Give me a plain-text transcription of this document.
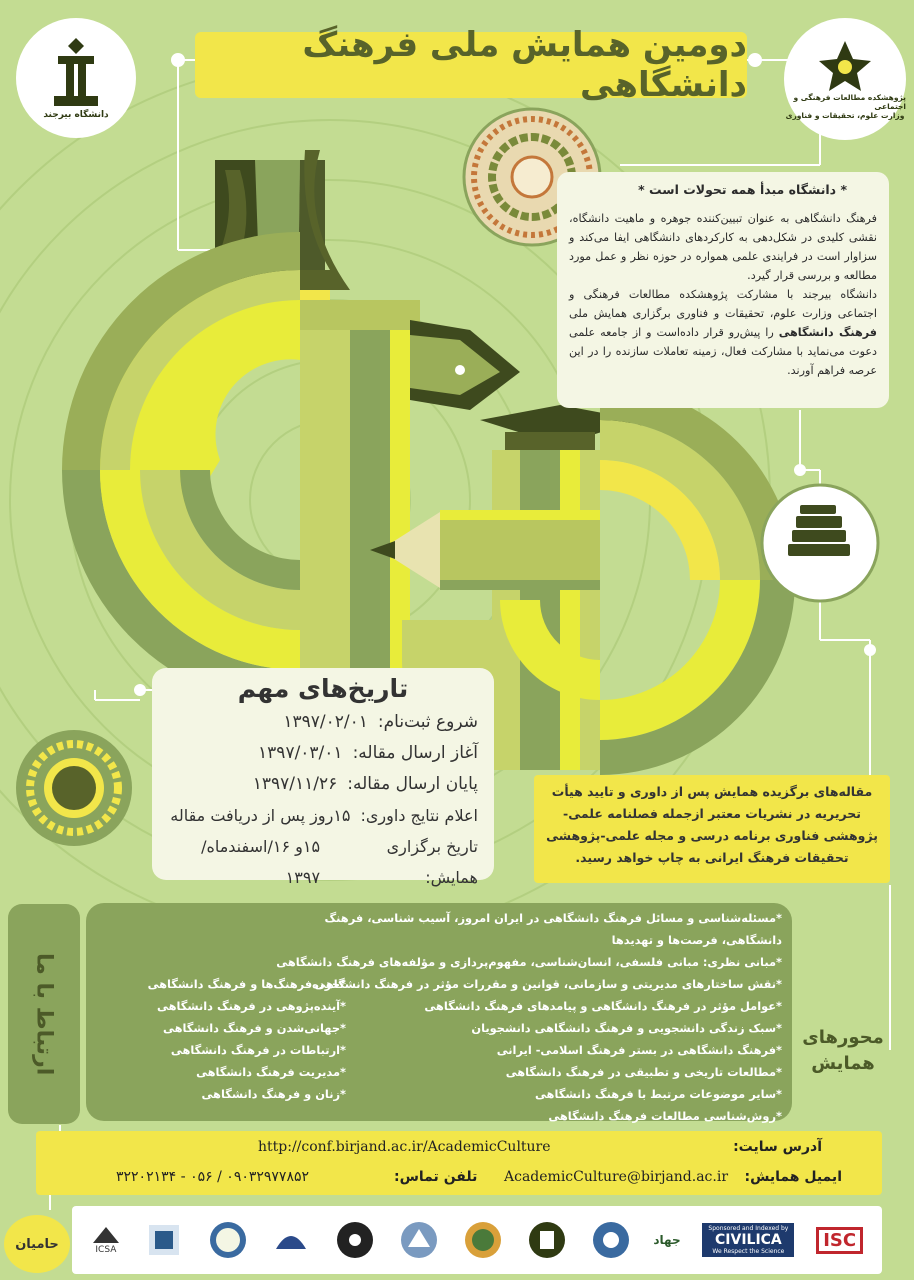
دومین همایش ملی فرهنگ دانشگاهی
دانشگاه بیرجند
پژوهشکده مطالعات فرهنگی و اجتماعی
وزارت علوم، تحقیقات و فناوری
* دانشگاه مبدأ همه تحولات است *
فرهنگ دانشگاهی به عنوان تبیین‌کننده جوهره و ماهیت دانشگاه، نقشی کلیدی در شکل‌دهی به کارکردهای دانشگاهی ایفا می‌کند و سزاوار است در فرایندی علمی همواره در حوزه نظر و عمل مورد مطالعه و بررسی قرار گیرد.
دانشگاه بیرجند با مشارکت پژوهشکده مطالعات فرهنگی و اجتماعی وزارت علوم، تحقیقات و فناوری برگزاری همایش ملی فرهنگ دانشگاهی را پیش‌رو قرار داده‌است و از جامعه علمی دعوت می‌نماید با مشارکت فعال، زمینه تعاملات سازنده را در این عرصه فراهم آورند.
تاریخ‌های مهم
شروع ثبت‌نام:
۱۳۹۷/۰۲/۰۱
آغاز ارسال مقاله:
۱۳۹۷/۰۳/۰۱
پایان ارسال مقاله:
۱۳۹۷/۱۱/۲۶
اعلام نتایج داوری:
۱۵روز پس از دریافت مقاله
تاریخ برگزاری همایش:
۱۵و ۱۶/اسفندماه/۱۳۹۷
مقاله‌های برگزیده همایش پس از داوری و تایید هیأت تحریریه در نشریات معتبر ازجمله فصلنامه علمی-پژوهشی فناوری برنامه درسی و مجله علمی-پژوهشی تحقیقات فرهنگ ایرانی به چاپ خواهد رسید.
ارتباط با ما
*مسئله‌شناسی و مسائل فرهنگ دانشگاهی در ایران امروز، آسیب شناسی، فرهنگ دانشگاهی، فرصت‌ها و تهدیدها
*مبانی نظری: مبانی فلسفی، انسان‌شناسی، مفهوم‌پردازی و مؤلفه‌های فرهنگ دانشگاهی
*نقش ساختارهای مدیریتی و سازمانی، قوانین و مقررات مؤثر در فرهنگ دانشگاهی
*عوامل مؤثر در فرهنگ دانشگاهی و پیامدهای فرهنگ دانشگاهی
*سبک زندگی دانشجویی و فرهنگ دانشگاهی دانشجویان
*فرهنگ دانشگاهی در بستر فرهنگ اسلامی- ایرانی
*مطالعات تاریخی و تطبیقی در فرهنگ دانشگاهی
*سایر موضوعات مرتبط با فرهنگ دانشگاهی
*روش‌شناسی مطالعات فرهنگ دانشگاهی
*خرده‌فرهنگ‌ها و فرهنگ دانشگاهی
*آینده‌پژوهی در فرهنگ دانشگاهی
*جهانی‌شدن و فرهنگ دانشگاهی
*ارتباطات در فرهنگ دانشگاهی
*مدیریت فرهنگ دانشگاهی
*زنان و فرهنگ دانشگاهی
محورهای
همایش
آدرس سایت:
http://conf.birjand.ac.ir/AcademicCulture
ایمیل همایش:
AcademicCulture@birjand.ac.ir
تلفن تماس:
۰۹۰۳۲۹۷۷۸۵۲ / ۰۵۶ - ۳۲۲۰۲۱۳۴
حامیان	ISC
Sponsored and Indexed by
CIVILICA
We Respect the Science
جهاد
ICSA
